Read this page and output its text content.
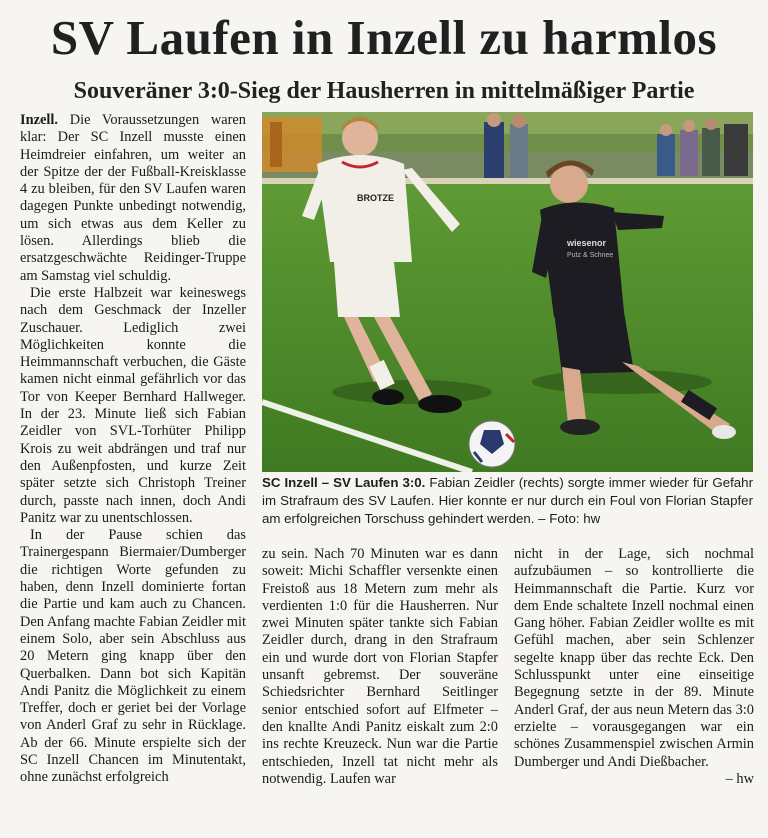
SV Laufen in Inzell zu harmlos
Souveräner 3:0-Sieg der Hausherren in mittelmäßiger Partie

Inzell. Die Voraussetzungen waren klar: Der SC Inzell musste einen Heimdreier einfahren, um weiter an der Spitze der der Fußball-Kreisklasse 4 zu bleiben, für den SV Laufen waren dagegen Punkte unbedingt notwendig, um sich etwas aus dem Keller zu lösen. Allerdings blieb die ersatzgeschwächte Reidinger-Truppe am Samstag viel schuldig.

Die erste Halbzeit war keineswegs nach dem Geschmack der Inzeller Zuschauer. Lediglich zwei Möglichkeiten konnte die Heimmannschaft verbuchen, die Gäste kamen nicht einmal gefährlich vor das Tor von Keeper Bernhard Hallweger. In der 23. Minute ließ sich Fabian Zeidler von SVL-Torhüter Philipp Krois zu weit abdrängen und traf nur den Außenpfosten, und kurze Zeit später setzte sich Christoph Treiner durch, passte nach innen, doch Andi Panitz war zu unentschlossen.

In der Pause schien das Trainergespann Biermaier/Dumberger die richtigen Worte gefunden zu haben, denn Inzell dominierte fortan die Partie und kam auch zu Chancen. Den Anfang machte Fabian Zeidler mit einem Solo, aber sein Abschluss aus 20 Metern ging knapp über den Querbalken. Dann bot sich Kapitän Andi Panitz die Möglichkeit zu einem Treffer, doch er geriet bei der Vorlage von Anderl Graf zu sehr in Rücklage. Ab der 66. Minute erspielte sich der SC Inzell Chancen im Minutentakt, ohne zunächst erfolgreich

BROTZE
wiesenor
Putz & Schnee
SC Inzell – SV Laufen 3:0. Fabian Zeidler (rechts) sorgte immer wieder für Gefahr im Strafraum des SV Laufen. Hier konnte er nur durch ein Foul von Florian Stapfer am erfolgreichen Torschuss gehindert werden. – Foto: hw

zu sein. Nach 70 Minuten war es dann soweit: Michi Schaffler versenkte einen Freistoß aus 18 Metern zum mehr als verdienten 1:0 für die Hausherren. Nur zwei Minuten später tankte sich Fabian Zeidler durch, drang in den Strafraum ein und wurde dort von Florian Stapfer unsanft gebremst. Der souveräne Schiedsrichter Bernhard Seitlinger senior entschied sofort auf Elfmeter – den knallte Andi Panitz eiskalt zum 2:0 ins rechte Kreuzeck. Nun war die Partie entschieden, Inzell tat nicht mehr als notwendig. Laufen war

nicht in der Lage, sich nochmal aufzubäumen – so kontrollierte die Heimmannschaft die Partie. Kurz vor dem Ende schaltete Inzell nochmal einen Gang höher. Fabian Zeidler wollte es mit Gefühl machen, aber sein Schlenzer segelte knapp über das rechte Eck. Den Schlusspunkt unter eine einseitige Begegnung setzte in der 89. Minute Anderl Graf, der aus neun Metern das 3:0 erzielte – vorausgegangen war ein schönes Zusammenspiel zwischen Armin Dumberger und Andi Dießbacher.

– hw
